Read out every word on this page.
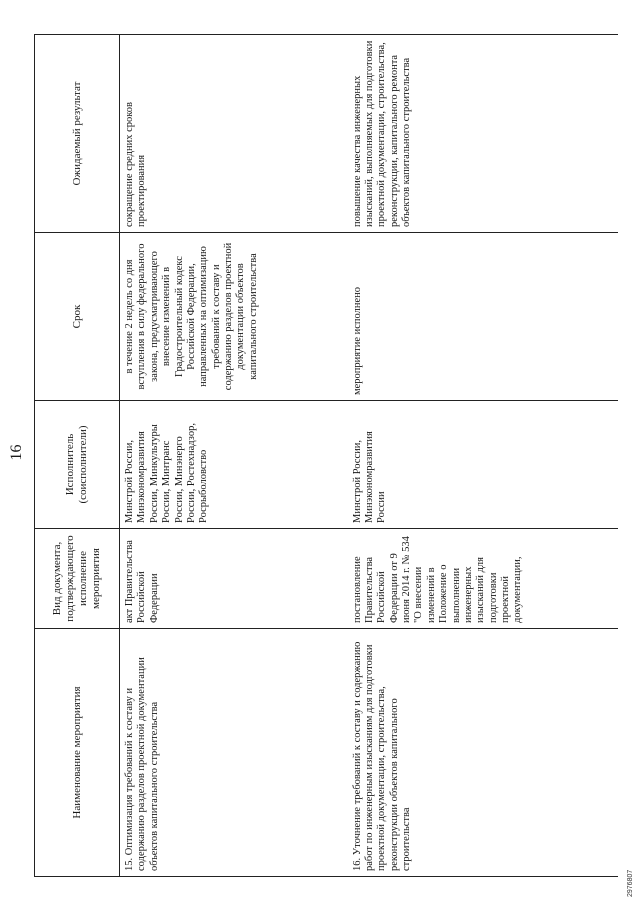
16
Наименование мероприятия	Вид документа, подтверждающего исполнение мероприятия	Исполнитель (соисполнители)	Срок	Ожидаемый результат
15. Оптимизация требований к составу и содержанию разделов проектной документации объектов капитального строительства	акт Правительства Российской Федерации	Минстрой России, Минэкономразвития России, Минкультуры России, Минтранс России, Минэнерго России, Ростехнадзор, Росрыболовство	в течение 2 недель со дня вступления в силу федерального закона, предусматривающего внесение изменений в Градостроительный кодекс Российской Федерации, направленных на оптимизацию требований к составу и содержанию разделов проектной документации объектов капитального строительства	сокращение средних сроков проектирования
16. Уточнение требований к составу и содержанию работ по инженерным изысканиям для подготовки проектной документации, строительства, реконструкции объектов капитального строительства	постановление Правительства Российской Федерации от 9 июня 2014 г. № 534 "О внесении изменений в Положение о выполнении инженерных изысканий для подготовки проектной документации,	Минстрой России, Минэкономразвития России	мероприятие исполнено	повышение качества инженерных изысканий, выполняемых для подготовки проектной документации, строительства, реконструкции, капитального ремонта объектов капитального строительства
2976807
